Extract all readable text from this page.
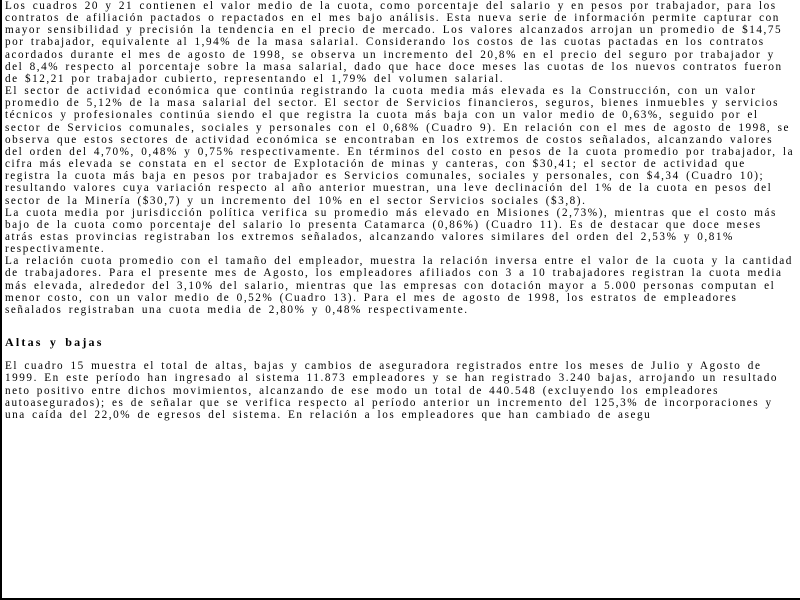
Los cuadros 20 y 21 contienen el valor medio de la cuota, como porcentaje del salario y en pesos por trabajador, para los contratos de afiliación pactados o repactados en el mes bajo análisis. Esta nueva serie de información permite capturar con mayor sensibilidad y precisión la tendencia en el precio de mercado. Los valores alcanzados arrojan un promedio de $14,75 por trabajador, equivalente al 1,94% de la masa salarial. Considerando los costos de las cuotas pactadas en los contratos acordados durante el mes de agosto de 1998, se observa un incremento del 20,8% en el precio del seguro por trabajador y del 8,4% respecto al porcentaje sobre la masa salarial, dado que hace doce meses las cuotas de los nuevos contratos fueron de $12,21 por trabajador cubierto, representando el 1,79% del volumen salarial.

El sector de actividad económica que continúa registrando la cuota media más elevada es la Construcción, con un valor promedio de 5,12% de la masa salarial del sector. El sector de Servicios financieros, seguros, bienes inmuebles y servicios técnicos y profesionales continúa siendo el que registra la cuota más baja con un valor medio de 0,63%, seguido por el sector de Servicios comunales, sociales y personales con el 0,68% (Cuadro 9). En relación con el mes de agosto de 1998, se observa que estos sectores de actividad económica se encontraban en los extremos de costos señalados, alcanzando valores del orden del 4,70%, 0,48% y 0,75% respectivamente. En términos del costo en pesos de la cuota promedio por trabajador, la cifra más elevada se constata en el sector de Explotación de minas y canteras, con $30,41; el sector de actividad que registra la cuota más baja en pesos por trabajador es Servicios comunales, sociales y personales, con $4,34 (Cuadro 10); resultando valores cuya variación respecto al año anterior muestran, una leve declinación del 1% de la cuota en pesos del sector de la Minería ($30,7) y un incremento del 10% en el sector Servicios sociales ($3,8).

La cuota media por jurisdicción política verifica su promedio más elevado en Misiones (2,73%), mientras que el costo más bajo de la cuota como porcentaje del salario lo presenta Catamarca (0,86%) (Cuadro 11). Es de destacar que doce meses atrás estas provincias registraban los extremos señalados, alcanzando valores similares del orden del 2,53% y 0,81% respectivamente.

La relación cuota promedio con el tamaño del empleador, muestra la relación inversa entre el valor de la cuota y la cantidad de trabajadores. Para el presente mes de Agosto, los empleadores afiliados con 3 a 10 trabajadores registran la cuota media más elevada, alrededor del 3,10% del salario, mientras que las empresas con dotación mayor a 5.000 personas computan el menor costo, con un valor medio de 0,52% (Cuadro 13). Para el mes de agosto de 1998, los estratos de empleadores señalados registraban una cuota media de 2,80% y 0,48% respectivamente.

Altas y bajas

El cuadro 15 muestra el total de altas, bajas y cambios de aseguradora registrados entre los meses de Julio y Agosto de 1999. En este período han ingresado al sistema 11.873 empleadores y se han registrado 3.240 bajas, arrojando un resultado neto positivo entre dichos movimientos, alcanzando de ese modo un total de 440.548 (excluyendo los empleadores autoasegurados); es de señalar que se verifica respecto al período anterior un incremento del 125,3% de incorporaciones y una caída del 22,0% de egresos del sistema. En relación a los empleadores que han cambiado de asegu
